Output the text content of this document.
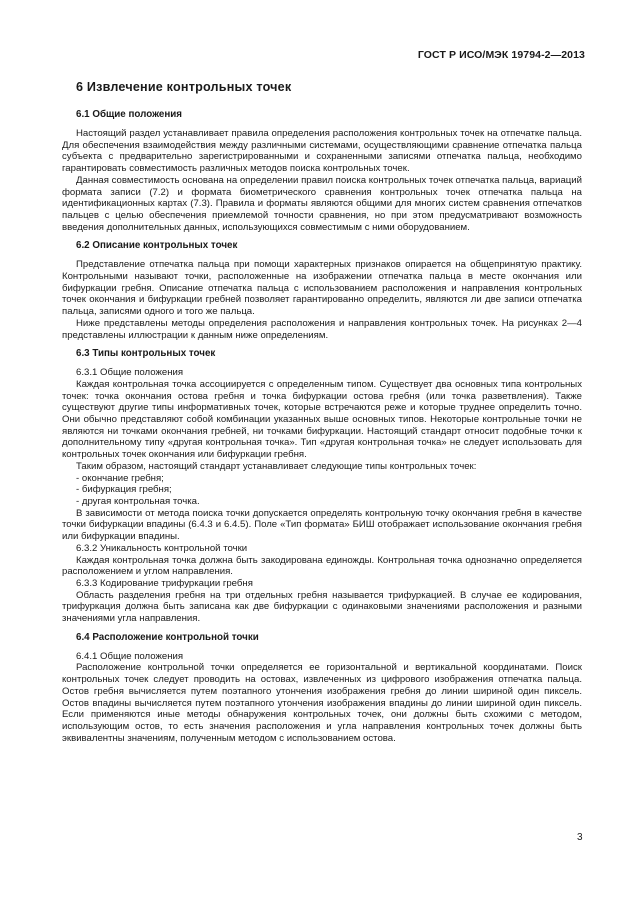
ГОСТ Р ИСО/МЭК 19794-2—2013
6 Извлечение контрольных точек
6.1 Общие положения

Настоящий раздел устанавливает правила определения расположения контрольных точек на отпечатке пальца. Для обеспечения взаимодействия между различными системами, осуществляющими сравнение отпечатка пальца субъекта с предварительно зарегистрированными и сохраненными записями отпечатка пальца, необходимо гарантировать совместимость различных методов поиска контрольных точек.

Данная совместимость основана на определении правил поиска контрольных точек отпечатка пальца, вариаций формата записи (7.2) и формата биометрического сравнения контрольных точек отпечатка пальца на идентификационных картах (7.3). Правила и форматы являются общими для многих систем сравнения отпечатков пальцев с целью обеспечения приемлемой точности сравнения, но при этом предусматривают возможность введения дополнительных данных, использующихся совместимым с ними оборудованием.

6.2 Описание контрольных точек

Представление отпечатка пальца при помощи характерных признаков опирается на общепринятую практику. Контрольными называют точки, расположенные на изображении отпечатка пальца в месте окончания или бифуркации гребня. Описание отпечатка пальца с использованием расположения и направления контрольных точек окончания и бифуркации гребней позволяет гарантированно определить, являются ли две записи отпечатка пальца, записями одного и того же пальца.

Ниже представлены методы определения расположения и направления контрольных точек. На рисунках 2—4 представлены иллюстрации к данным ниже определениям.

6.3 Типы контрольных точек

6.3.1 Общие положения

Каждая контрольная точка ассоциируется с определенным типом. Существует два основных типа контрольных точек: точка окончания остова гребня и точка бифуркации остова гребня (или точка разветвления). Также существуют другие типы информативных точек, которые встречаются реже и которые труднее определить точно. Они обычно представляют собой комбинации указанных выше основных типов. Некоторые контрольные точки не являются ни точками окончания гребней, ни точками бифуркации. Настоящий стандарт относит подобные точки к дополнительному типу «другая контрольная точка». Тип «другая контрольная точка» не следует использовать для контрольных точек окончания или бифуркации гребня.

Таким образом, настоящий стандарт устанавливает следующие типы контрольных точек:

- окончание гребня;

- бифуркация гребня;

- другая контрольная точка.

В зависимости от метода поиска точки допускается определять контрольную точку окончания гребня в качестве точки бифуркации впадины (6.4.3 и 6.4.5). Поле «Тип формата» БИШ отображает использование окончания гребня или бифуркации впадины.

6.3.2 Уникальность контрольной точки

Каждая контрольная точка должна быть закодирована единожды. Контрольная точка однозначно определяется расположением и углом направления.

6.3.3 Кодирование трифуркации гребня

Область разделения гребня на три отдельных гребня называется трифуркацией. В случае ее кодирования, трифуркация должна быть записана как две бифуркации с одинаковыми значениями расположения и разными значениями угла направления.

6.4 Расположение контрольной точки

6.4.1 Общие положения

Расположение контрольной точки определяется ее горизонтальной и вертикальной координатами. Поиск контрольных точек следует проводить на остовах, извлеченных из цифрового изображения отпечатка пальца. Остов гребня вычисляется путем поэтапного утончения изображения гребня до линии шириной один пиксель. Остов впадины вычисляется путем поэтапного утончения изображения впадины до линии шириной один пиксель. Если применяются иные методы обнаружения контрольных точек, они должны быть схожими с методом, использующим остов, то есть значения расположения и угла направления контрольных точек должны быть эквивалентны значениям, полученным методом с использованием остова.

3
